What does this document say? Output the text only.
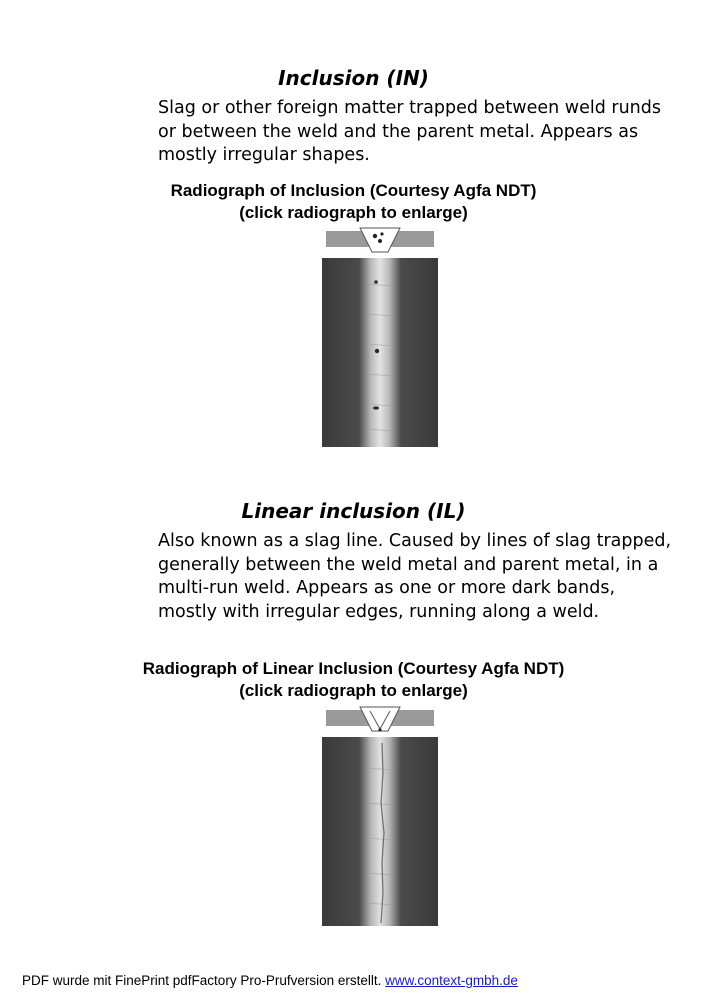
Inclusion (IN)

Slag or other foreign matter trapped between weld runds or between the weld and the parent metal. Appears as mostly irregular shapes.

Radiograph of Inclusion (Courtesy Agfa NDT)
(click radiograph to enlarge)
Linear inclusion (IL)

Also known as a slag line. Caused by lines of slag trapped, generally between the weld metal and parent metal, in a multi-run weld. Appears as one or more dark bands, mostly with irregular edges, running along a weld.

Radiograph of Linear Inclusion (Courtesy Agfa NDT)
(click radiograph to enlarge)
PDF wurde mit FinePrint pdfFactory Pro-Prufversion erstellt. www.context-gmbh.de
